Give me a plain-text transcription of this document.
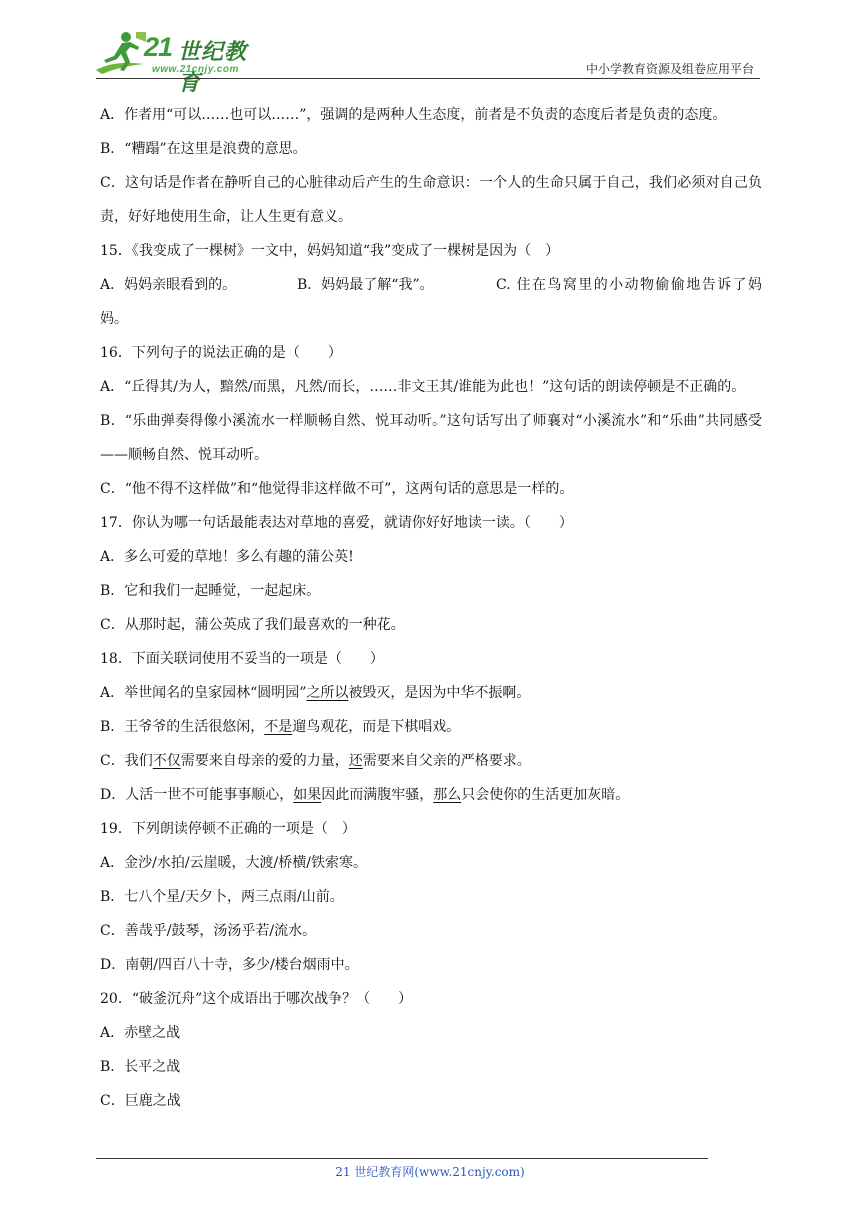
21 世纪教育
www.21cnjy.com	中小学教育资源及组卷应用平台

A．作者用“可以……也可以……”，强调的是两种人生态度，前者是不负责的态度后者是负责的态度。

B．“糟蹋”在这里是浪费的意思。

C．这句话是作者在静听自己的心脏律动后产生的生命意识：一个人的生命只属于自己，我们必须对自己负责，好好地使用生命，让人生更有意义。

15．《我变成了一棵树》一文中，妈妈知道“我”变成了一棵树是因为（　）

A．妈妈亲眼看到的。	B．妈妈最了解“我”。	C. 住在鸟窝里的小动物偷偷地告诉了妈妈。

16．下列句子的说法正确的是（　　）

A．“丘得其/为人，黯然/而黑，凡然/而长，……非文王其/谁能为此也！”这句话的朗读停顿是不正确的。

B．“乐曲弹奏得像小溪流水一样顺畅自然、悦耳动听。”这句话写出了师襄对“小溪流水”和“乐曲”共同感受——顺畅自然、悦耳动听。

C．“他不得不这样做”和“他觉得非这样做不可”，这两句话的意思是一样的。

17．你认为哪一句话最能表达对草地的喜爱，就请你好好地读一读。（　　）

A．多么可爱的草地！多么有趣的蒲公英!

B．它和我们一起睡觉，一起起床。

C．从那时起，蒲公英成了我们最喜欢的一种花。

18．下面关联词使用不妥当的一项是（　　）

A．举世闻名的皇家园林“圆明园”之所以被毁灭，是因为中华不振啊。

B．王爷爷的生活很悠闲，不是遛鸟观花，而是下棋唱戏。

C．我们不仅需要来自母亲的爱的力量，还需要来自父亲的严格要求。

D．人活一世不可能事事顺心，如果因此而满腹牢骚，那么只会使你的生活更加灰暗。

19．下列朗读停顿不正确的一项是（　）

A．金沙/水拍/云崖暖，大渡/桥横/铁索寒。

B．七八个星/天夕卜，两三点雨/山前。

C．善哉乎/鼓琴，汤汤乎若/流水。

D．南朝/四百八十寺，多少/楼台烟雨中。

20．“破釜沉舟”这个成语出于哪次战争？（　　）

A．赤壁之战

B．长平之战

C．巨鹿之战

21 世纪教育网(www.21cnjy.com)
